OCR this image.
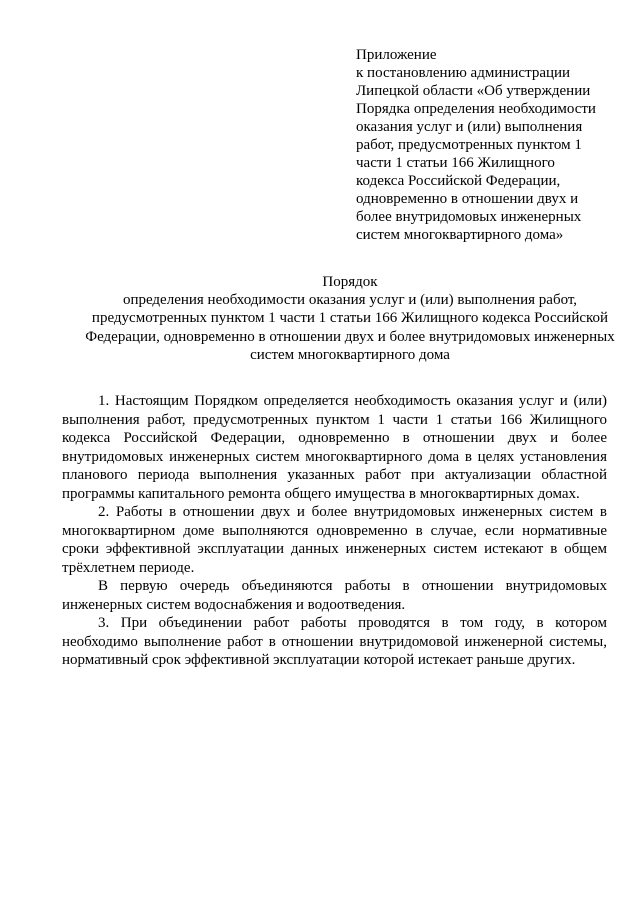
Приложение
к постановлению администрации
Липецкой области «Об утверждении
Порядка определения необходимости
оказания услуг и (или) выполнения
работ, предусмотренных пунктом 1
части 1 статьи 166 Жилищного
кодекса Российской Федерации,
одновременно в отношении двух и
более внутридомовых инженерных
систем многоквартирного дома»
Порядок
определения необходимости оказания услуг и (или) выполнения работ,
предусмотренных пунктом 1 части 1 статьи 166 Жилищного кодекса Российской
Федерации, одновременно в отношении двух и более внутридомовых инженерных
систем многоквартирного дома

1. Настоящим Порядком определяется необходимость оказания услуг и (или) выполнения работ, предусмотренных пунктом 1 части 1 статьи 166 Жилищного кодекса Российской Федерации, одновременно в отношении двух и более внутридомовых инженерных систем многоквартирного дома в целях установления планового периода выполнения указанных работ при актуализации областной программы капитального ремонта общего имущества в многоквартирных домах.

2. Работы в отношении двух и более внутридомовых инженерных систем в многоквартирном доме выполняются одновременно в случае, если нормативные сроки эффективной эксплуатации данных инженерных систем истекают в общем трёхлетнем периоде.

В первую очередь объединяются работы в отношении внутридомовых инженерных систем водоснабжения и водоотведения.

3. При объединении работ работы проводятся в том году, в котором необходимо выполнение работ в отношении внутридомовой инженерной системы, нормативный срок эффективной эксплуатации которой истекает раньше других.
